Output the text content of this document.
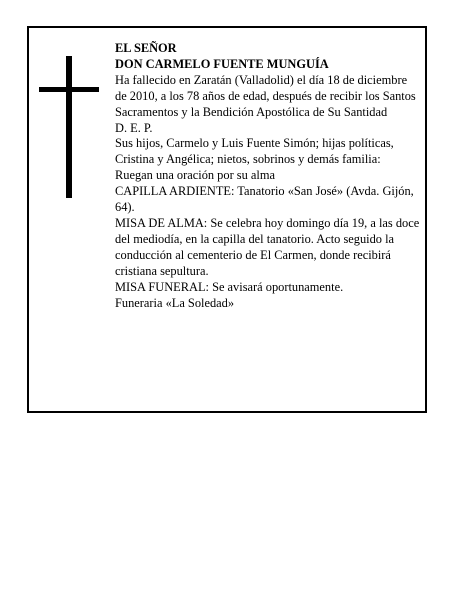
EL SEÑOR

DON CARMELO FUENTE MUNGUÍA

Ha fallecido en Zaratán (Valladolid) el día 18 de diciembre de 2010, a los 78 años de edad, después de recibir los Santos Sacramentos y la Bendición Apostólica de Su Santidad

D. E. P.

Sus hijos, Carmelo y Luis Fuente Simón; hijas políticas, Cristina y Angélica; nietos, sobrinos y demás familia:

Ruegan una oración por su alma

CAPILLA ARDIENTE: Tanatorio «San José» (Avda. Gijón, 64).

MISA DE ALMA: Se celebra hoy domingo día 19, a las doce del mediodía, en la capilla del tanatorio. Acto seguido la conducción al cementerio de El Carmen, donde recibirá cristiana sepultura.

MISA FUNERAL: Se avisará oportunamente.

Funeraria «La Soledad»
